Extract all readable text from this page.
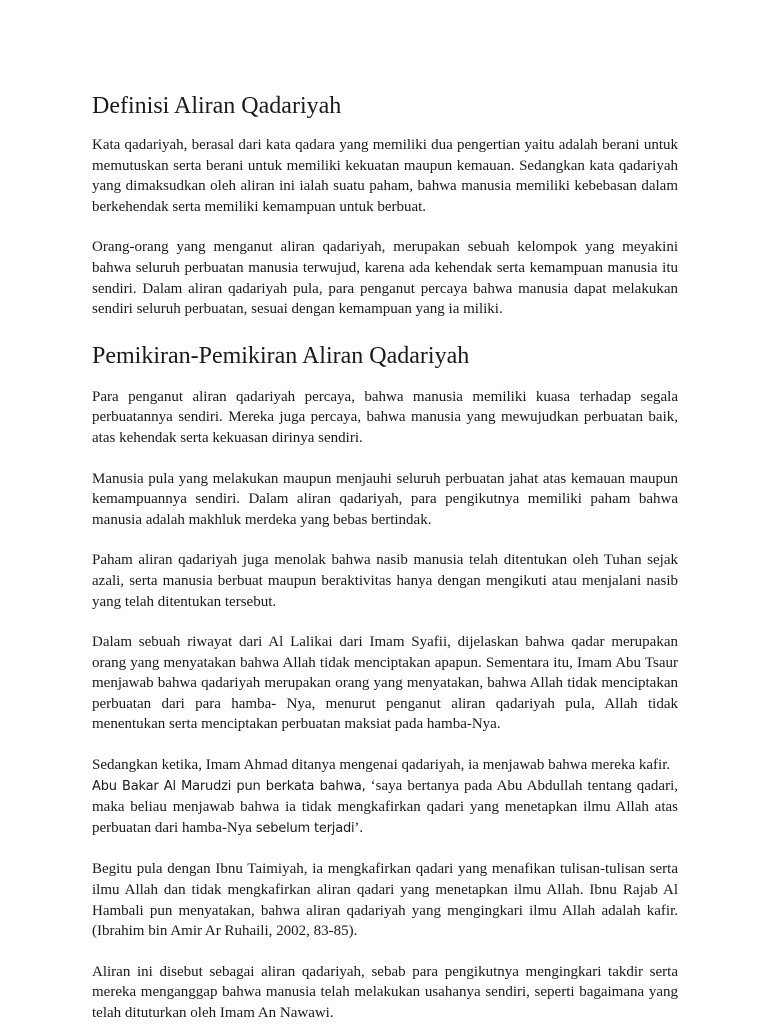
Definisi Aliran Qadariyah

Kata qadariyah, berasal dari kata qadara yang memiliki dua pengertian yaitu adalah berani untuk memutuskan serta berani untuk memiliki kekuatan maupun kemauan. Sedangkan kata qadariyah yang dimaksudkan oleh aliran ini ialah suatu paham, bahwa manusia memiliki kebebasan dalam berkehendak serta memiliki kemampuan untuk berbuat.

Orang-orang yang menganut aliran qadariyah, merupakan sebuah kelompok yang meyakini bahwa seluruh perbuatan manusia terwujud, karena ada kehendak serta kemampuan manusia itu sendiri. Dalam aliran qadariyah pula, para penganut percaya bahwa manusia dapat melakukan sendiri seluruh perbuatan, sesuai dengan kemampuan yang ia miliki.

Pemikiran-Pemikiran Aliran Qadariyah

Para penganut aliran qadariyah percaya, bahwa manusia memiliki kuasa terhadap segala perbuatannya sendiri. Mereka juga percaya, bahwa manusia yang mewujudkan perbuatan baik, atas kehendak serta kekuasan dirinya sendiri.

Manusia pula yang melakukan maupun menjauhi seluruh perbuatan jahat atas kemauan maupun kemampuannya sendiri. Dalam aliran qadariyah, para pengikutnya memiliki paham bahwa manusia adalah makhluk merdeka yang bebas bertindak.

Paham aliran qadariyah juga menolak bahwa nasib manusia telah ditentukan oleh Tuhan sejak azali, serta manusia berbuat maupun beraktivitas hanya dengan mengikuti atau menjalani nasib yang telah ditentukan tersebut.

Dalam sebuah riwayat dari Al Lalikai dari Imam Syafii, dijelaskan bahwa qadar merupakan orang yang menyatakan bahwa Allah tidak menciptakan apapun. Sementara itu, Imam Abu Tsaur menjawab bahwa qadariyah merupakan orang yang menyatakan, bahwa Allah tidak menciptakan perbuatan dari para hamba- Nya, menurut penganut aliran qadariyah pula, Allah tidak menentukan serta menciptakan perbuatan maksiat pada hamba-Nya.

Sedangkan ketika, Imam Ahmad ditanya mengenai qadariyah, ia menjawab bahwa mereka kafir.
Abu Bakar Al Marudzi pun berkata bahwa, ‘saya bertanya pada Abu Abdullah tentang qadari, maka beliau menjawab bahwa ia tidak mengkafirkan qadari yang menetapkan ilmu Allah atas perbuatan dari hamba-Nya sebelum terjadi’.

Begitu pula dengan Ibnu Taimiyah, ia mengkafirkan qadari yang menafikan tulisan-tulisan serta ilmu Allah dan tidak mengkafirkan aliran qadari yang menetapkan ilmu Allah. Ibnu Rajab Al Hambali pun menyatakan, bahwa aliran qadariyah yang mengingkari ilmu Allah adalah kafir. (Ibrahim bin Amir Ar Ruhaili, 2002, 83-85).

Aliran ini disebut sebagai aliran qadariyah, sebab para pengikutnya mengingkari takdir serta mereka menganggap bahwa manusia telah melakukan usahanya sendiri, seperti bagaimana yang telah dituturkan oleh Imam An Nawawi.
